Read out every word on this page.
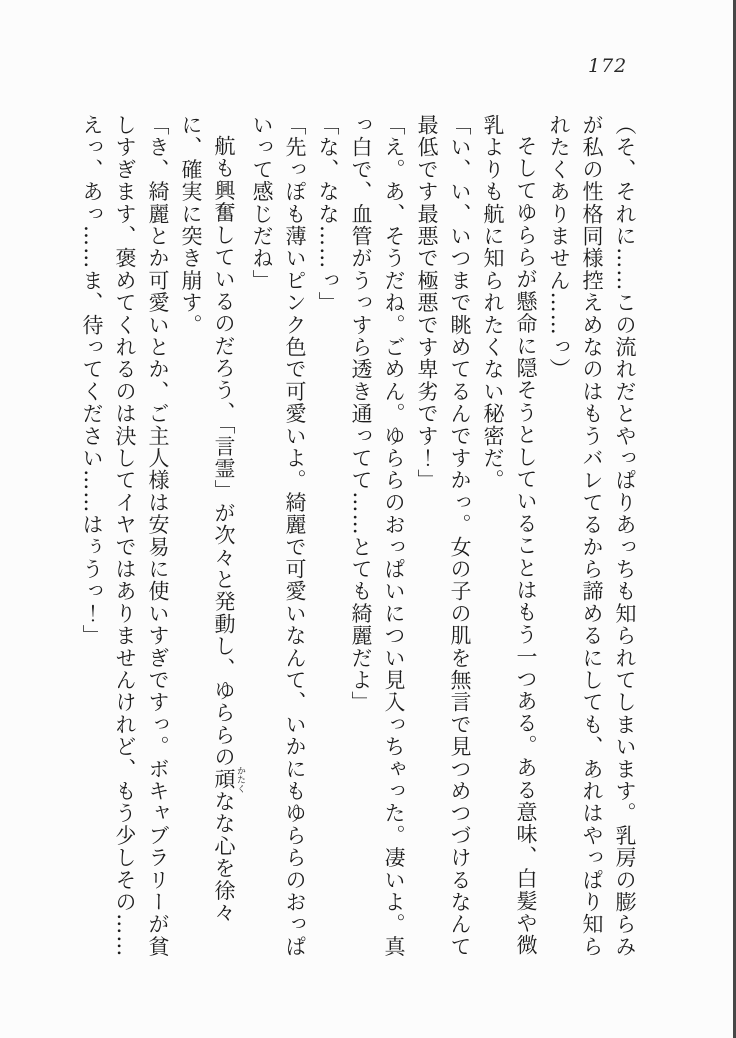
172

（そ、それに……この流れだとやっぱりあっちも知られてしまいます。乳房の膨らみが私の性格同様控えめなのはもうバレてるから諦めるにしても、あれはやっぱり知られたくありません……っ）

そしてゆららが懸命に隠そうとしていることはもう一つある。ある意味、白髪や微乳よりも航に知られたくない秘密だ。

「い、い、いつまで眺めてるんですかっ。女の子の肌を無言で見つめつづけるなんて最低です最悪で極悪です卑劣です！」

「え。あ、そうだね。ごめん。ゆららのおっぱいについ見入っちゃった。凄いよ。真っ白で、血管がうっすら透き通ってて……とても綺麗だよ」

「な、なな……っ」

「先っぽも薄いピンク色で可愛いよ。綺麗で可愛いなんて、いかにもゆららのおっぱいって感じだね」

航も興奮しているのだろう、「言霊」が次々と発動し、ゆららの頑 かたくなな心を徐々に、確実に突き崩す。

「き、綺麗とか可愛いとか、ご主人様は安易に使いすぎですっ。ボキャブラリーが貧しすぎます、褒めてくれるのは決してイヤではありませんけれど、もう少しその……えっ、あっ……ま、待ってください……はぅうっ！」
